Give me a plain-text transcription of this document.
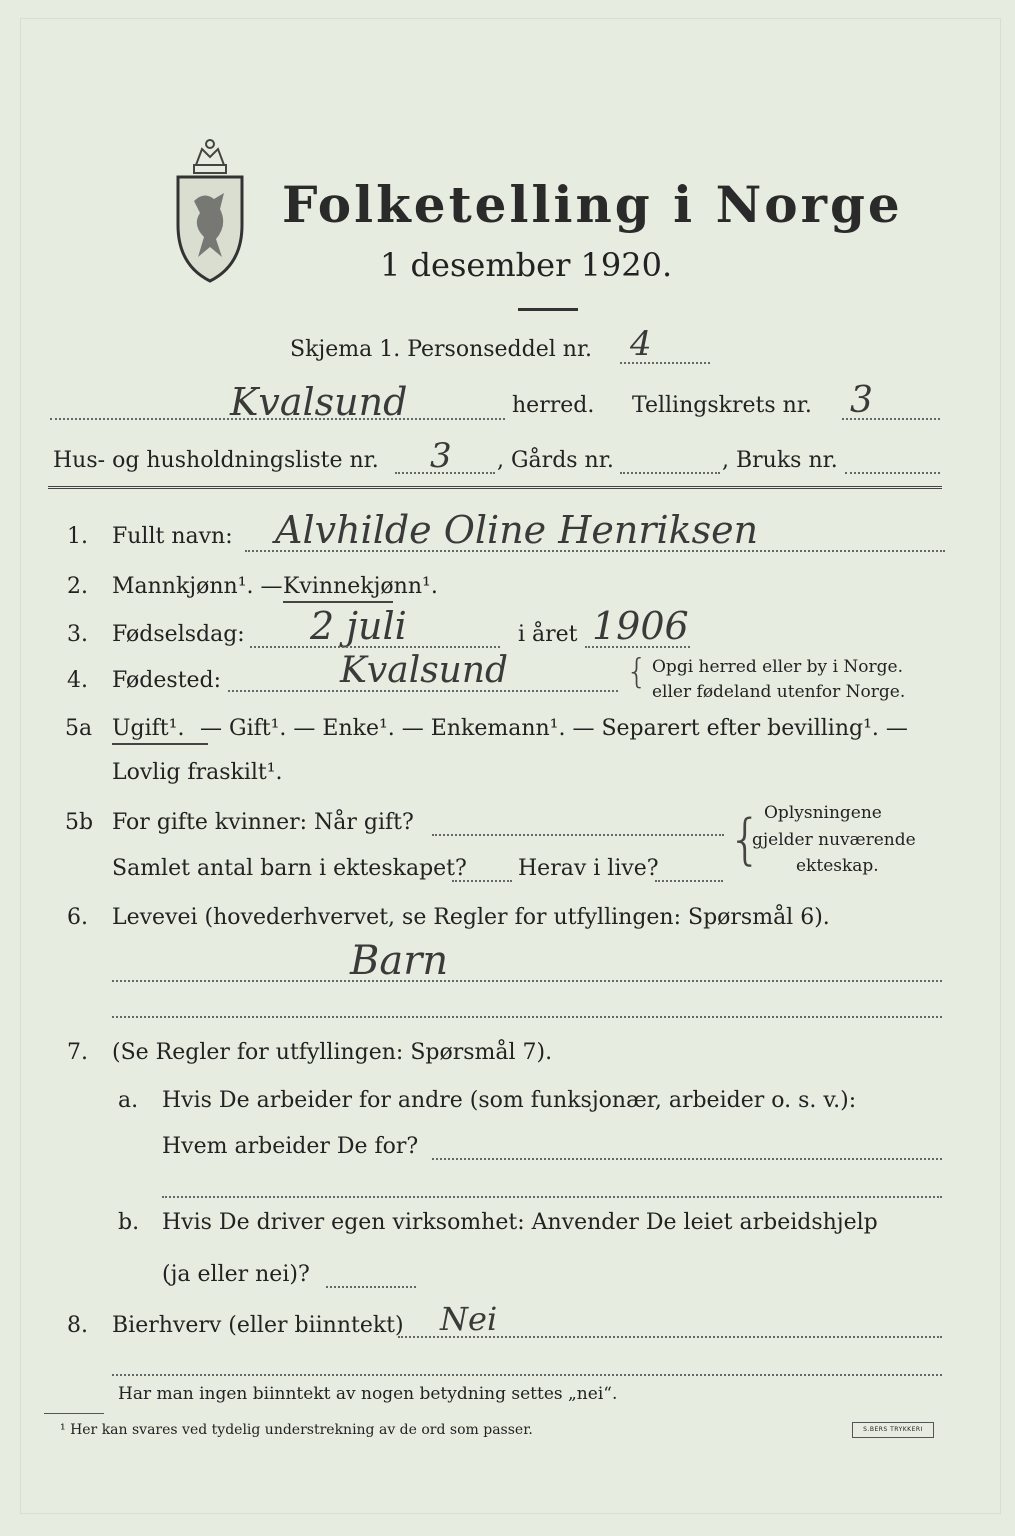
Folketelling i Norge
1 desember 1920.
Skjema 1. Personseddel nr. 4
Kvalsund	herred. Tellingskrets nr. 3
Hus- og husholdningsliste nr. 3 , Gårds nr.	, Bruks nr.
1. Fullt navn: Alvhilde Oline Henriksen
2. Mannkjønn¹. — Kvinnekjønn¹.
3. Fødselsdag: 2 juli	i året 1906
4. Fødested:	Kvalsund	{ Opgi herred eller by i Norge.
eller fødeland utenfor Norge.
5a Ugift¹. — Gift¹. — Enke¹. — Enkemann¹. — Separert efter bevilling¹. —
Lovlig fraskilt¹.
5b For gifte kvinner: Når gift?
Samlet antal barn i ekteskapet? Herav i live? { Oplysningene
gjelder nuværende
ekteskap.
6. Levevei (hovederhvervet, se Regler for utfyllingen: Spørsmål 6).
Barn
7. (Se Regler for utfyllingen: Spørsmål 7).
a. Hvis De arbeider for andre (som funksjonær, arbeider o. s. v.):
Hvem arbeider De for?
b. Hvis De driver egen virksomhet: Anvender De leiet arbeidshjelp
(ja eller nei)?
8. Bierhverv (eller biinntekt) Nei
Har man ingen biinntekt av nogen betydning settes „nei“.
¹ Her kan svares ved tydelig understrekning av de ord som passer.	S.BERS TRYKKERI
